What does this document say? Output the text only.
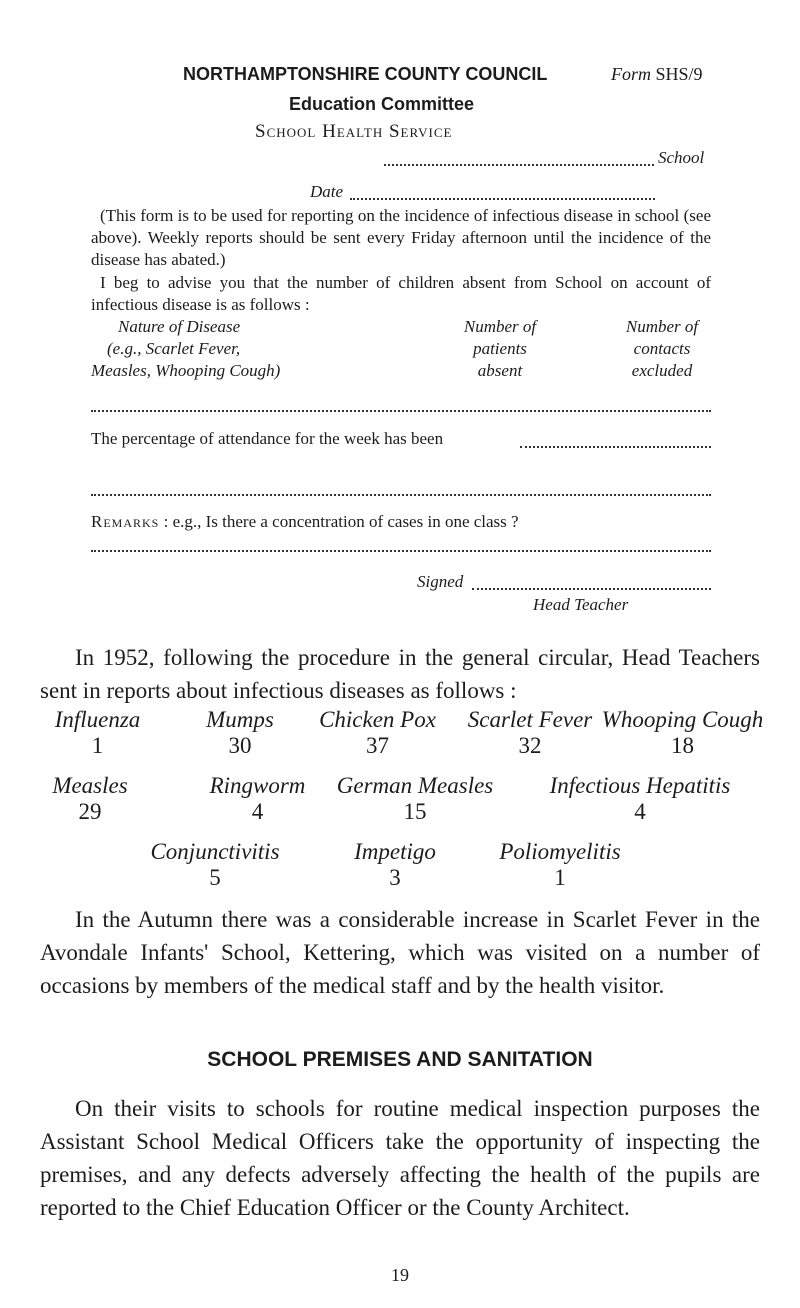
NORTHAMPTONSHIRE COUNTY COUNCIL	Form SHS/9
Education Committee
School Health Service
School
Date
(This form is to be used for reporting on the incidence of infectious disease in school (see above). Weekly reports should be sent every Friday afternoon until the incidence of the disease has abated.)
I beg to advise you that the number of children absent from School on account of infectious disease is as follows :
Nature of Disease
(e.g., Scarlet Fever,
Measles, Whooping Cough)
Number of
patients
absent
Number of
contacts
excluded
The percentage of attendance for the week has been
Remarks : e.g., Is there a concentration of cases in one class ?
Signed
Head Teacher
In 1952, following the procedure in the general circular, Head Teachers sent in reports about infectious diseases as follows :
Influenza
1
Mumps
30
Chicken Pox
37
Scarlet Fever
32
Whooping Cough
18
Measles
29
Ringworm
4
German Measles
15
Infectious Hepatitis
4
Conjunctivitis
5
Impetigo
3
Poliomyelitis
1
In the Autumn there was a considerable increase in Scarlet Fever in the Avondale Infants' School, Kettering, which was visited on a number of occasions by members of the medical staff and by the health visitor.
SCHOOL PREMISES AND SANITATION
On their visits to schools for routine medical inspection purposes the Assistant School Medical Officers take the opportunity of inspecting the premises, and any defects adversely affecting the health of the pupils are reported to the Chief Education Officer or the County Architect.
19
